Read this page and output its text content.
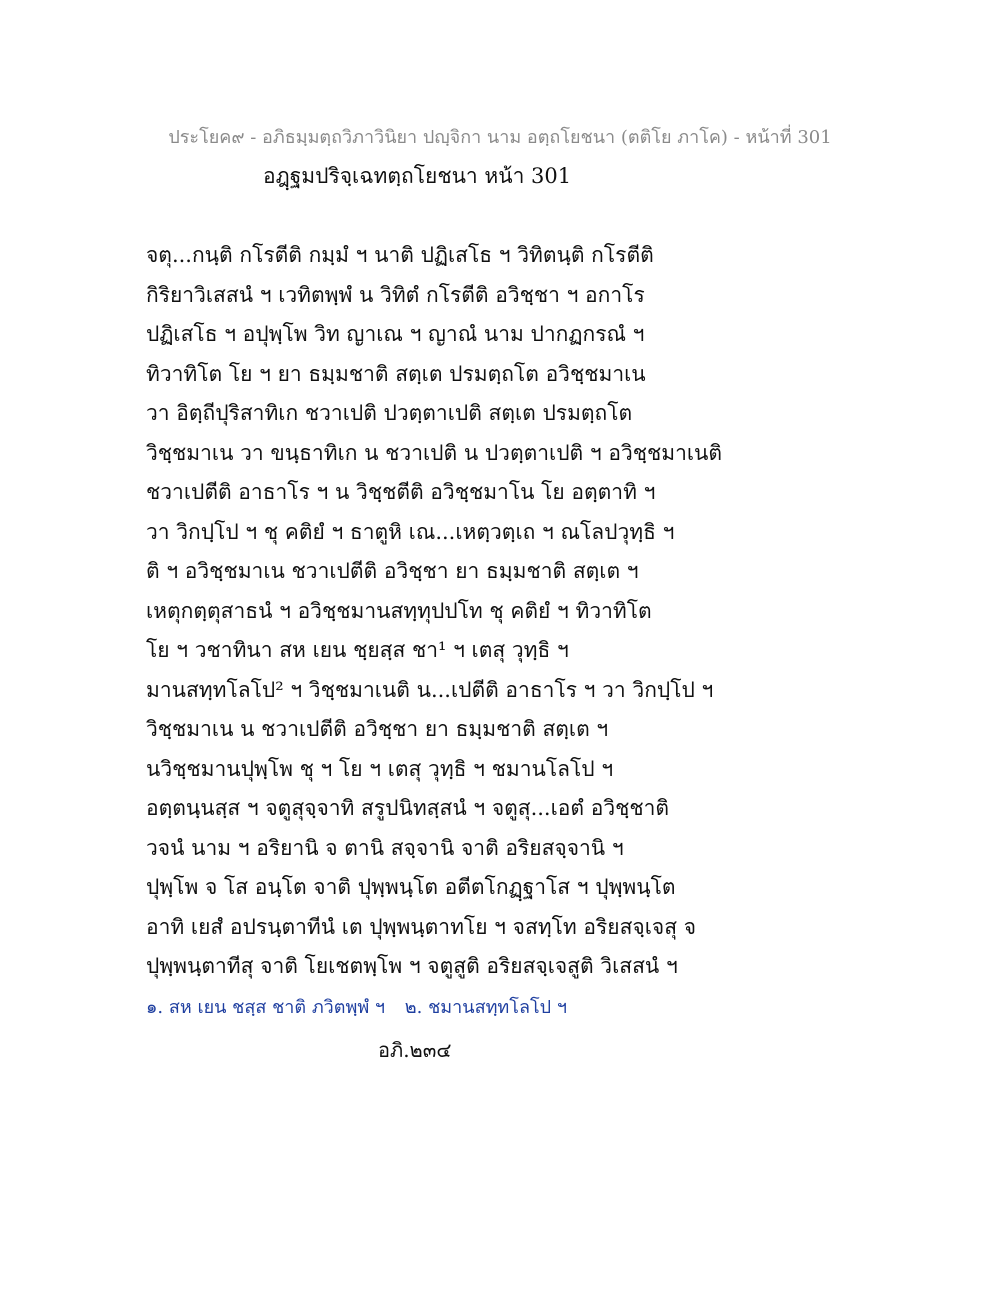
ประโยค๙ - อภิธมฺมตฺถวิภาวินิยา ปญฺจิกา นาม อตฺถโยชนา (ตติโย ภาโค) - หน้าที่ 301
อฎฺฐมปริจฺเฉทตฺถโยชนา หน้า 301
จตุ...กนฺติ กโรตีติ กมฺมํ ฯ นาติ ปฏิเสโธ ฯ วิทิตนฺติ กโรตีติ
กิริยาวิเสสนํ ฯ เวทิตพฺพํ น วิทิตํ กโรตีติ อวิชฺชา ฯ อกาโร
ปฏิเสโธ ฯ อปุพฺโพ วิท ญาเณ ฯ ญาณํ นาม ปากฏกรณํ ฯ
ทิวาทิโต โย ฯ ยา ธมฺมชาติ สตฺเต ปรมตฺถโต อวิชฺชมาเน
วา อิตฺถีปุริสาทิเก ชวาเปติ ปวตฺตาเปติ สตฺเต ปรมตฺถโต
วิชฺชมาเน วา ขนฺธาทิเก น ชวาเปติ น ปวตฺตาเปติ ฯ อวิชฺชมาเนติ
ชวาเปตีติ อาธาโร ฯ น วิชฺชตีติ อวิชฺชมาโน โย อตฺตาทิ ฯ
วา วิกปฺโป ฯ ชุ คติยํ ฯ ธาตูหิ เณ...เหตฺวตฺเถ ฯ ณโลปวุทฺธิ ฯ
ติ ฯ อวิชฺชมาเน ชวาเปตีติ อวิชฺชา ยา ธมฺมชาติ สตฺเต ฯ
เหตุกตฺตุสาธนํ ฯ อวิชฺชมานสทฺทุปปโท ชุ คติยํ ฯ ทิวาทิโต
โย ฯ วชาทินา สห เยน ชฺยสฺส ชา¹ ฯ เตสุ วุทฺธิ ฯ
มานสทฺทโลโป² ฯ วิชฺชมาเนติ น...เปตีติ อาธาโร ฯ วา วิกปฺโป ฯ
วิชฺชมาเน น ชวาเปตีติ อวิชฺชา ยา ธมฺมชาติ สตฺเต ฯ
นวิชฺชมานปุพฺโพ ชุ ฯ โย ฯ เตสุ วุทฺธิ ฯ ชมานโลโป ฯ
อตฺตนฺนสฺส ฯ จตูสุจฺจาทิ สรูปนิทสฺสนํ ฯ จตูสุ...เอตํ อวิชฺชาติ
วจนํ นาม ฯ อริยานิ จ ตานิ สจฺจานิ จาติ อริยสจฺจานิ ฯ
ปุพฺโพ จ โส อนฺโต จาติ ปุพฺพนฺโต อตีตโกฏฺฐาโส ฯ ปุพฺพนฺโต
อาทิ เยสํ อปรนฺตาทีนํ เต ปุพฺพนฺตาทโย ฯ จสทฺโท อริยสจฺเจสุ จ
ปุพฺพนฺตาทีสุ จาติ โยเชตพฺโพ ฯ จตูสูติ อริยสจฺเจสูติ วิเสสนํ ฯ
๑. สห เยน ชสฺส ชาติ ภวิตพฺพํ ฯ ๒. ชมานสทฺทโลโป ฯ
อภิ.๒๓๔
